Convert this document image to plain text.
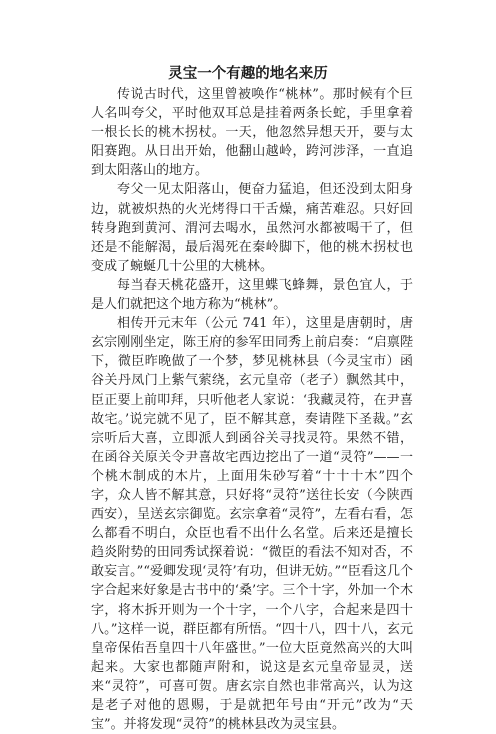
灵宝一个有趣的地名来历

传说古时代，这里曾被唤作“桃林”。那时候有个巨人名叫夸父，平时他双耳总是挂着两条长蛇，手里拿着一根长长的桃木拐杖。一天，他忽然异想天开，要与太阳赛跑。从日出开始，他翻山越岭，跨河涉泽，一直追到太阳落山的地方。

夸父一见太阳落山，便奋力猛追，但还没到太阳身边，就被炽热的火光烤得口干舌燥，痛苦难忍。只好回转身跑到黄河、渭河去喝水，虽然河水都被喝干了，但还是不能解渴，最后渴死在秦岭脚下，他的桃木拐杖也变成了蜿蜒几十公里的大桃林。

每当春天桃花盛开，这里蝶飞蜂舞，景色宜人，于是人们就把这个地方称为“桃林”。

相传开元末年（公元 741 年），这里是唐朝时，唐玄宗刚刚坐定，陈王府的参军田同秀上前启奏：“启禀陛下，微臣昨晚做了一个梦，梦见桃林县（今灵宝市）函谷关丹凤门上紫气萦绕，玄元皇帝（老子）飘然其中，臣正要上前叩拜，只听他老人家说：‘我藏灵符，在尹喜故宅。’说完就不见了，臣不解其意，奏请陛下圣裁。”玄宗听后大喜，立即派人到函谷关寻找灵符。果然不错，在函谷关原关令尹喜故宅西边挖出了一道“灵符”——一个桃木制成的木片，上面用朱砂写着“十十十木”四个字，众人皆不解其意，只好将“灵符”送往长安（今陕西西安），呈送玄宗御览。玄宗拿着“灵符”，左看右看，怎么都看不明白，众臣也看不出什么名堂。后来还是擅长趋炎附势的田同秀试探着说：“微臣的看法不知对否，不敢妄言。”“爱卿发现‘灵符’有功，但讲无妨。”“臣看这几个字合起来好象是古书中的‘桑’字。三个十字，外加一个木字，将木拆开则为一个十字，一个八字，合起来是四十八。”这样一说，群臣都有所悟。“四十八，四十八，玄元皇帝保佑吾皇四十八年盛世。”一位大臣竟然高兴的大叫起来。大家也都随声附和，说这是玄元皇帝显灵，送来“灵符”，可喜可贺。唐玄宗自然也非常高兴，认为这是老子对他的恩赐，于是就把年号由“开元”改为“天宝”。并将发现“灵符”的桃林县改为灵宝县。
